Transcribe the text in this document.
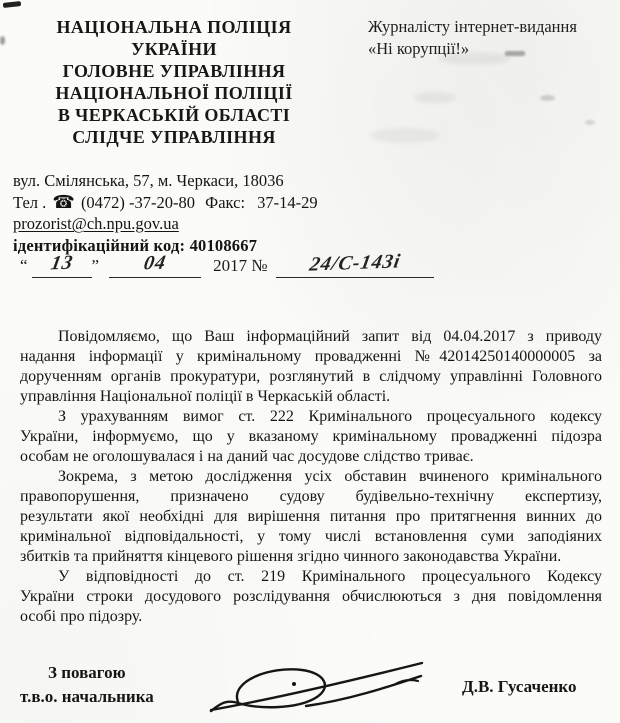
НАЦІОНАЛЬНА ПОЛІЦІЯ
УКРАЇНИ
ГОЛОВНЕ УПРАВЛІННЯ
НАЦІОНАЛЬНОЇ ПОЛІЦІЇ
В ЧЕРКАСЬКІЙ ОБЛАСТІ
СЛІДЧЕ УПРАВЛІННЯ
Журналісту інтернет-видання
«Ні корупції!»
вул. Смілянська, 57, м. Черкаси, 18036
Тел . ☎ (0472) -37-20-80 Факс: 37-14-29
prozorist@ch.npu.gov.ua
ідентифікаційний код: 40108667
“	13 ”	04	2017 №	24/С-143і
Повідомляємо, що Ваш інформаційний запит від 04.04.2017 з приводу
надання інформації у кримінальному провадженні №42014250140000005 за
дорученням органів прокуратури, розглянутий в слідчому управлінні Головного
управління Національної поліції в Черкаській області.
З урахуванням вимог ст. 222 Кримінального процесуального кодексу
України, інформуємо, що у вказаному кримінальному провадженні підозра
особам не оголошувалася і на даний час досудове слідство триває.
Зокрема, з метою дослідження усіх обставин вчиненого кримінального
правопорушення, призначено судову будівельно-технічну експертизу,
результати якої необхідні для вирішення питання про притягнення винних до
кримінальної відповідальності, у тому числі встановлення суми заподіяних
збитків та прийняття кінцевого рішення згідно чинного законодавства України.
У відповідності до ст. 219 Кримінального процесуального Кодексу
України строки досудового розслідування обчислюються з дня повідомлення
особі про підозру.
З повагою
т.в.о. начальника
Д.В. Гусаченко
